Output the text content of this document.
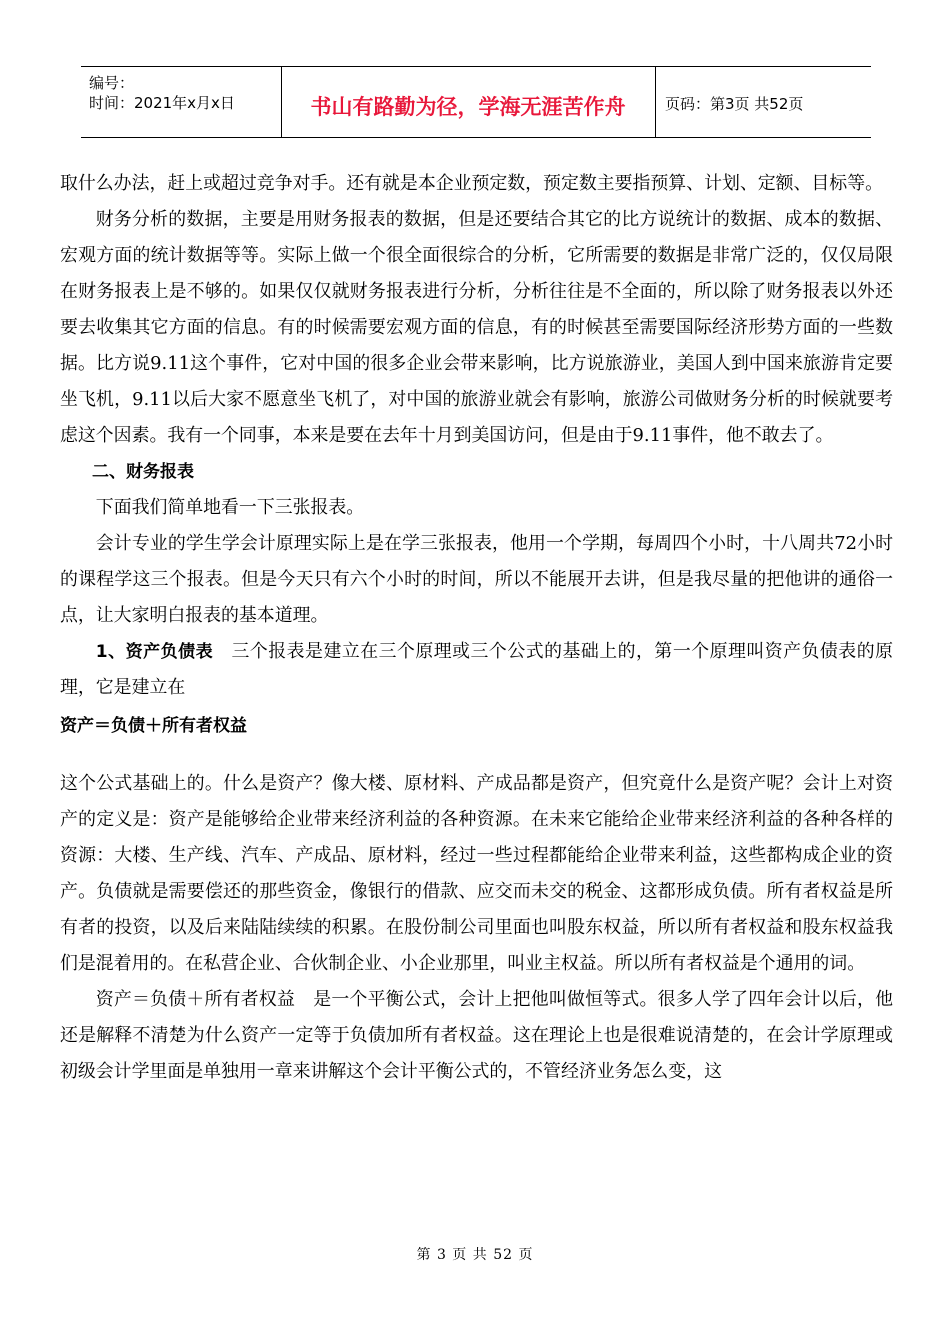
编号：
时间：2021年x月x日	书山有路勤为径，学海无涯苦作舟	页码：第3页 共52页

取什么办法，赶上或超过竞争对手。还有就是本企业预定数，预定数主要指预算、计划、定额、目标等。

财务分析的数据，主要是用财务报表的数据，但是还要结合其它的比方说统计的数据、成本的数据、宏观方面的统计数据等等。实际上做一个很全面很综合的分析，它所需要的数据是非常广泛的，仅仅局限在财务报表上是不够的。如果仅仅就财务报表进行分析，分析往往是不全面的，所以除了财务报表以外还要去收集其它方面的信息。有的时候需要宏观方面的信息，有的时候甚至需要国际经济形势方面的一些数据。比方说9.11这个事件，它对中国的很多企业会带来影响，比方说旅游业，美国人到中国来旅游肯定要坐飞机，9.11以后大家不愿意坐飞机了，对中国的旅游业就会有影响，旅游公司做财务分析的时候就要考虑这个因素。我有一个同事，本来是要在去年十月到美国访问，但是由于9.11事件，他不敢去了。

二、财务报表

下面我们简单地看一下三张报表。

会计专业的学生学会计原理实际上是在学三张报表，他用一个学期，每周四个小时，十八周共72小时的课程学这三个报表。但是今天只有六个小时的时间，所以不能展开去讲，但是我尽量的把他讲的通俗一点，让大家明白报表的基本道理。

1、资产负债表　三个报表是建立在三个原理或三个公式的基础上的，第一个原理叫资产负债表的原理，它是建立在

资产＝负债＋所有者权益

这个公式基础上的。什么是资产？像大楼、原材料、产成品都是资产，但究竟什么是资产呢？会计上对资产的定义是：资产是能够给企业带来经济利益的各种资源。在未来它能给企业带来经济利益的各种各样的资源：大楼、生产线、汽车、产成品、原材料，经过一些过程都能给企业带来利益，这些都构成企业的资产。负债就是需要偿还的那些资金，像银行的借款、应交而未交的税金、这都形成负债。所有者权益是所有者的投资，以及后来陆陆续续的积累。在股份制公司里面也叫股东权益，所以所有者权益和股东权益我们是混着用的。在私营企业、合伙制企业、小企业那里，叫业主权益。所以所有者权益是个通用的词。

资产＝负债＋所有者权益　是一个平衡公式，会计上把他叫做恒等式。很多人学了四年会计以后，他还是解释不清楚为什么资产一定等于负债加所有者权益。这在理论上也是很难说清楚的，在会计学原理或初级会计学里面是单独用一章来讲解这个会计平衡公式的，不管经济业务怎么变，这

第 3 页 共 52 页
